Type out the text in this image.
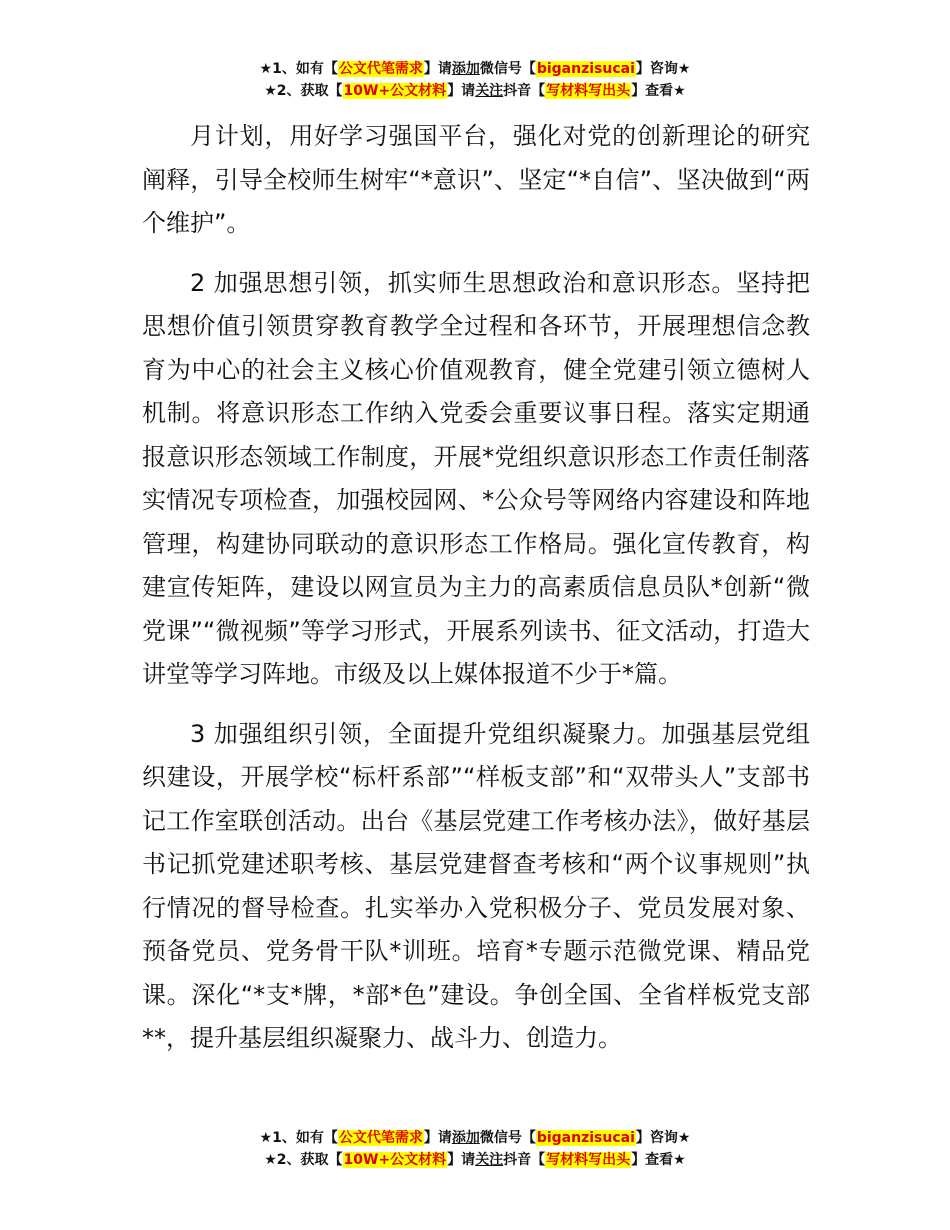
★1、如有【公文代笔需求】请添加微信号【biganzisucai】咨询★
★2、获取【10W+公文材料】请关注抖音【写材料写出头】查看★

月计划，用好学习强国平台，强化对党的创新理论的研究阐释，引导全校师生树牢“*意识”、坚定“*自信”、坚决做到“两个维护”。

2 加强思想引领，抓实师生思想政治和意识形态。坚持把思想价值引领贯穿教育教学全过程和各环节，开展理想信念教育为中心的社会主义核心价值观教育，健全党建引领立德树人机制。将意识形态工作纳入党委会重要议事日程。落实定期通报意识形态领域工作制度，开展*党组织意识形态工作责任制落实情况专项检查，加强校园网、*公众号等网络内容建设和阵地管理，构建协同联动的意识形态工作格局。强化宣传教育，构建宣传矩阵，建设以网宣员为主力的高素质信息员队*创新“微党课”“微视频”等学习形式，开展系列读书、征文活动，打造大讲堂等学习阵地。市级及以上媒体报道不少于*篇。

3 加强组织引领，全面提升党组织凝聚力。加强基层党组织建设，开展学校“标杆系部”“样板支部”和“双带头人”支部书记工作室联创活动。出台《基层党建工作考核办法》，做好基层书记抓党建述职考核、基层党建督查考核和“两个议事规则”执行情况的督导检查。扎实举办入党积极分子、党员发展对象、预备党员、党务骨干队*训班。培育*专题示范微党课、精品党课。深化“*支*牌，*部*色”建设。争创全国、全省样板党支部**，提升基层组织凝聚力、战斗力、创造力。

★1、如有【公文代笔需求】请添加微信号【biganzisucai】咨询★
★2、获取【10W+公文材料】请关注抖音【写材料写出头】查看★
